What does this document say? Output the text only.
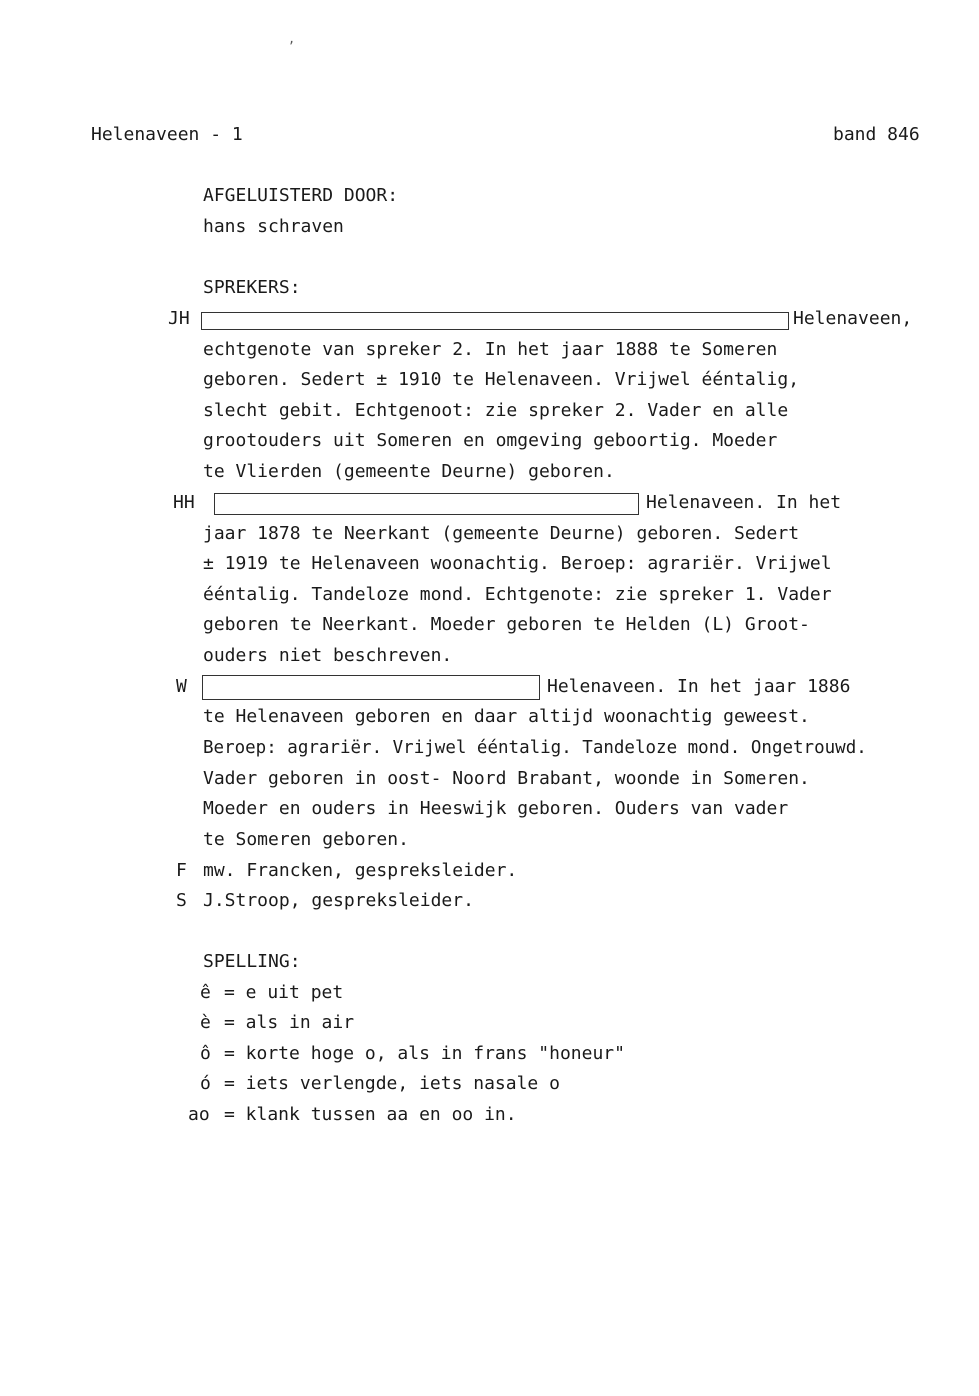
Helenaveen - 1	band 846
AFGELUISTERD DOOR:
hans schraven
SPREKERS:
JH	Helenaveen,
echtgenote van spreker 2. In het jaar 1888 te Someren
geboren. Sedert ± 1910 te Helenaveen. Vrijwel ééntalig,
slecht gebit. Echtgenoot: zie spreker 2. Vader en alle
grootouders uit Someren en omgeving geboortig. Moeder
te Vlierden (gemeente Deurne) geboren.
HH	Helenaveen. In het
jaar 1878 te Neerkant (gemeente Deurne) geboren. Sedert
± 1919 te Helenaveen woonachtig. Beroep: agrariër. Vrijwel
ééntalig. Tandeloze mond. Echtgenote: zie spreker 1. Vader
geboren te Neerkant. Moeder geboren te Helden (L) Groot-
ouders niet beschreven.
W	Helenaveen. In het jaar 1886
te Helenaveen geboren en daar altijd woonachtig geweest.
Beroep: agrariër. Vrijwel ééntalig. Tandeloze mond. Ongetrouwd.
Vader geboren in oost- Noord Brabant, woonde in Someren.
Moeder en ouders in Heeswijk geboren. Ouders van vader
te Someren geboren.
F mw. Francken, gespreksleider.
S J.Stroop, gespreksleider.
SPELLING:
ê = e uit pet
è = als in air
ô = korte hoge o, als in frans "honeur"
ó = iets verlengde, iets nasale o
ao = klank tussen aa en oo in.
,
